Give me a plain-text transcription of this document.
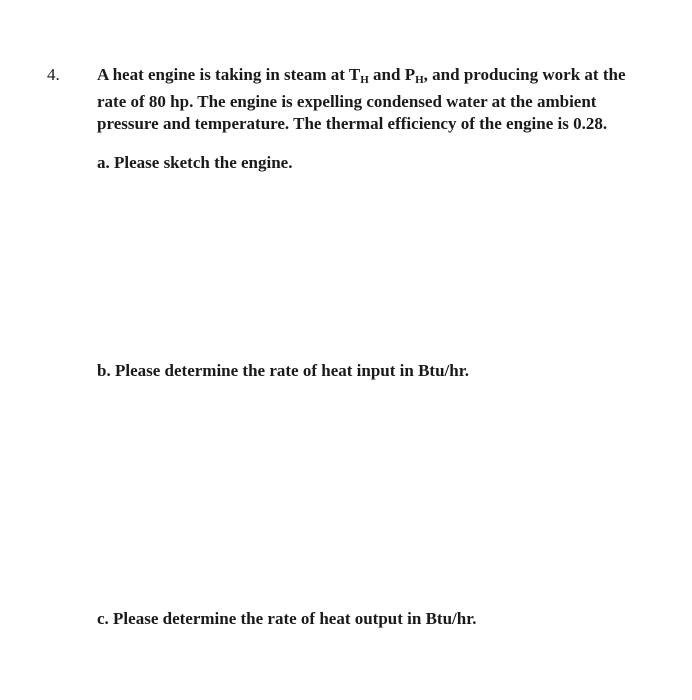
4. A heat engine is taking in steam at $T_H$ and $P_H$, and producing work at the rate of 80 hp. The engine is expelling condensed water at the ambient pressure and temperature. The thermal efficiency of the engine is 0.28.
a. Please sketch the engine.
b. Please determine the rate of heat input in Btu/hr.
c. Please determine the rate of heat output in Btu/hr.
